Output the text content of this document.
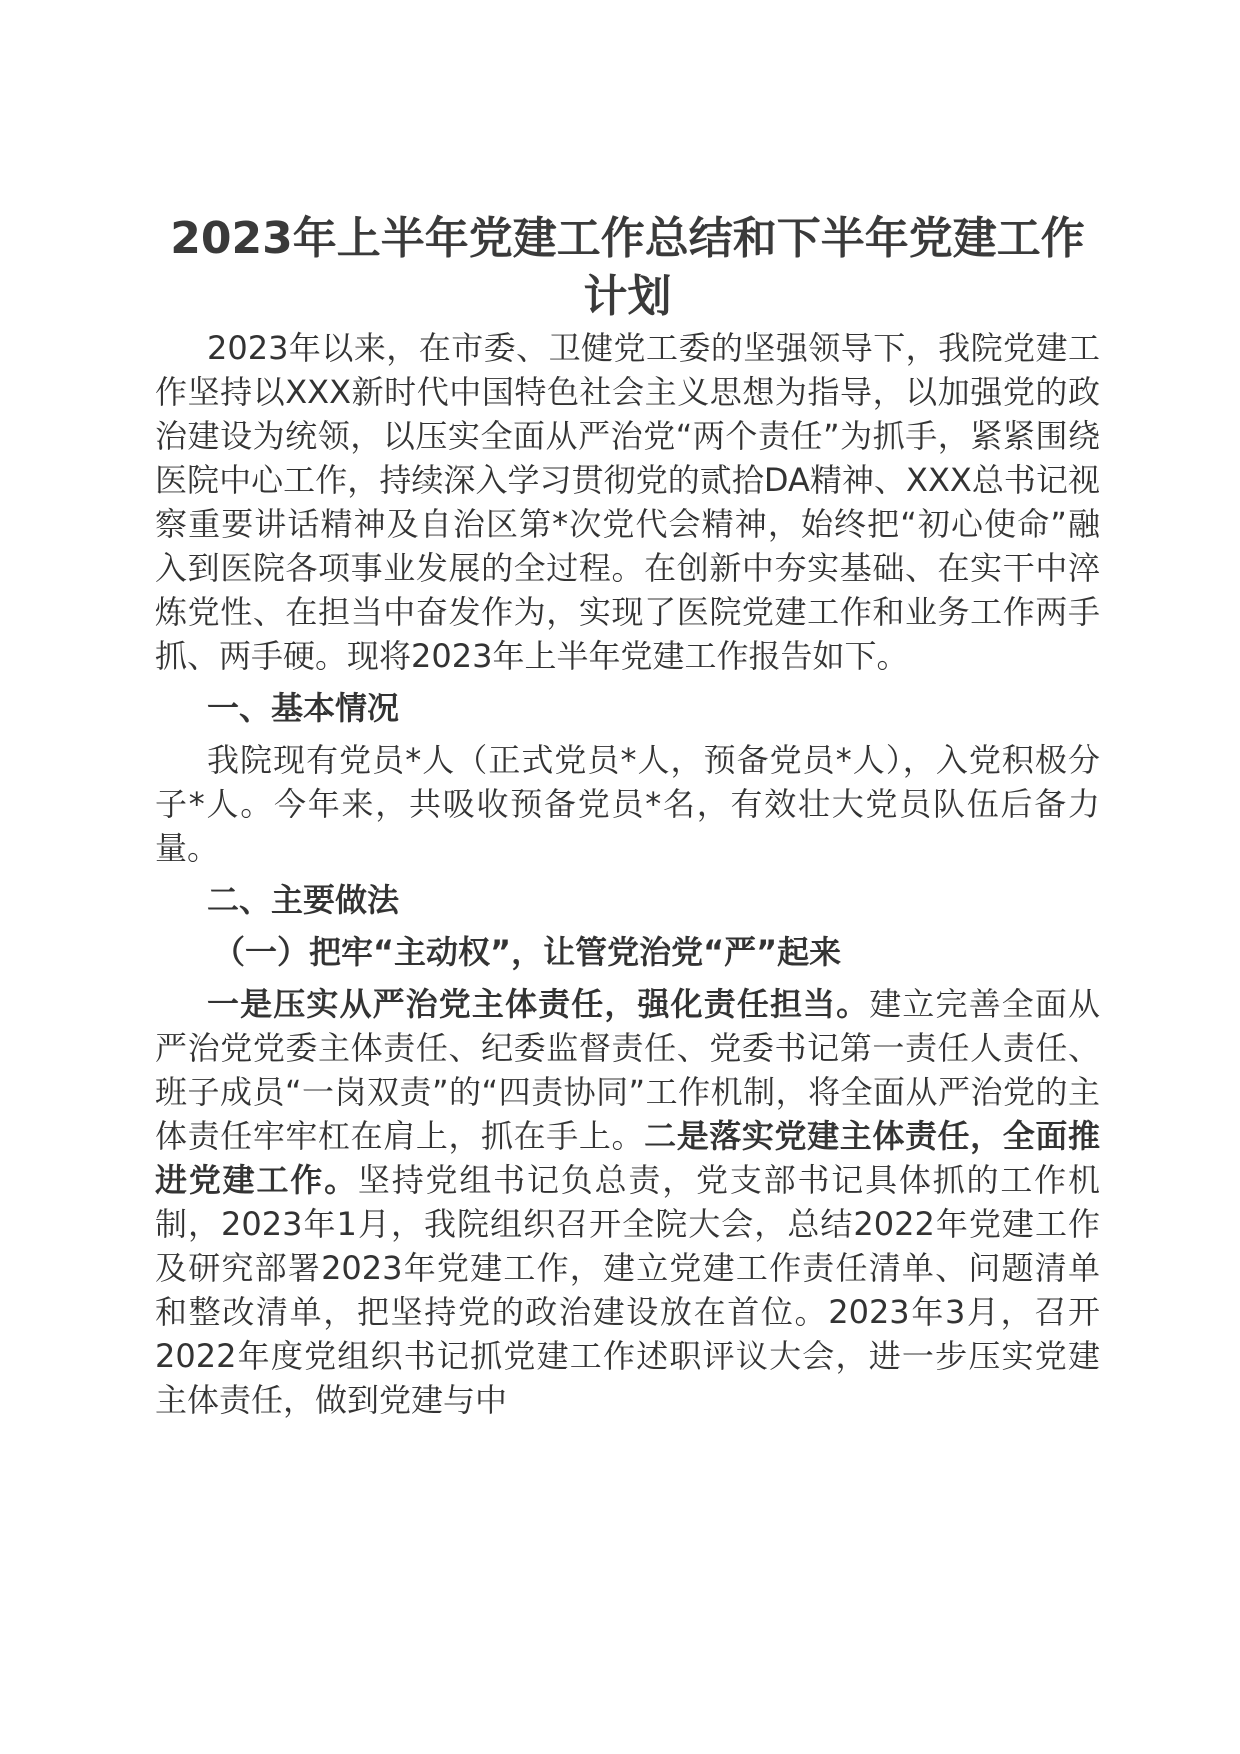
2023年上半年党建工作总结和下半年党建工作计划

2023年以来，在市委、卫健党工委的坚强领导下，我院党建工作坚持以XXX新时代中国特色社会主义思想为指导，以加强党的政治建设为统领，以压实全面从严治党“两个责任”为抓手，紧紧围绕医院中心工作，持续深入学习贯彻党的贰拾DA精神、XXX总书记视察重要讲话精神及自治区第*次党代会精神，始终把“初心使命”融入到医院各项事业发展的全过程。在创新中夯实基础、在实干中淬炼党性、在担当中奋发作为，实现了医院党建工作和业务工作两手抓、两手硬。现将2023年上半年党建工作报告如下。

一、基本情况

我院现有党员*人（正式党员*人，预备党员*人），入党积极分子*人。今年来，共吸收预备党员*名，有效壮大党员队伍后备力量。

二、主要做法
（一）把牢“主动权”，让管党治党“严”起来

一是压实从严治党主体责任，强化责任担当。建立完善全面从严治党党委主体责任、纪委监督责任、党委书记第一责任人责任、班子成员“一岗双责”的“四责协同”工作机制，将全面从严治党的主体责任牢牢杠在肩上，抓在手上。二是落实党建主体责任，全面推进党建工作。坚持党组书记负总责，党支部书记具体抓的工作机制，2023年1月，我院组织召开全院大会，总结2022年党建工作及研究部署2023年党建工作，建立党建工作责任清单、问题清单和整改清单，把坚持党的政治建设放在首位。2023年3月，召开2022年度党组织书记抓党建工作述职评议大会，进一步压实党建主体责任，做到党建与中
